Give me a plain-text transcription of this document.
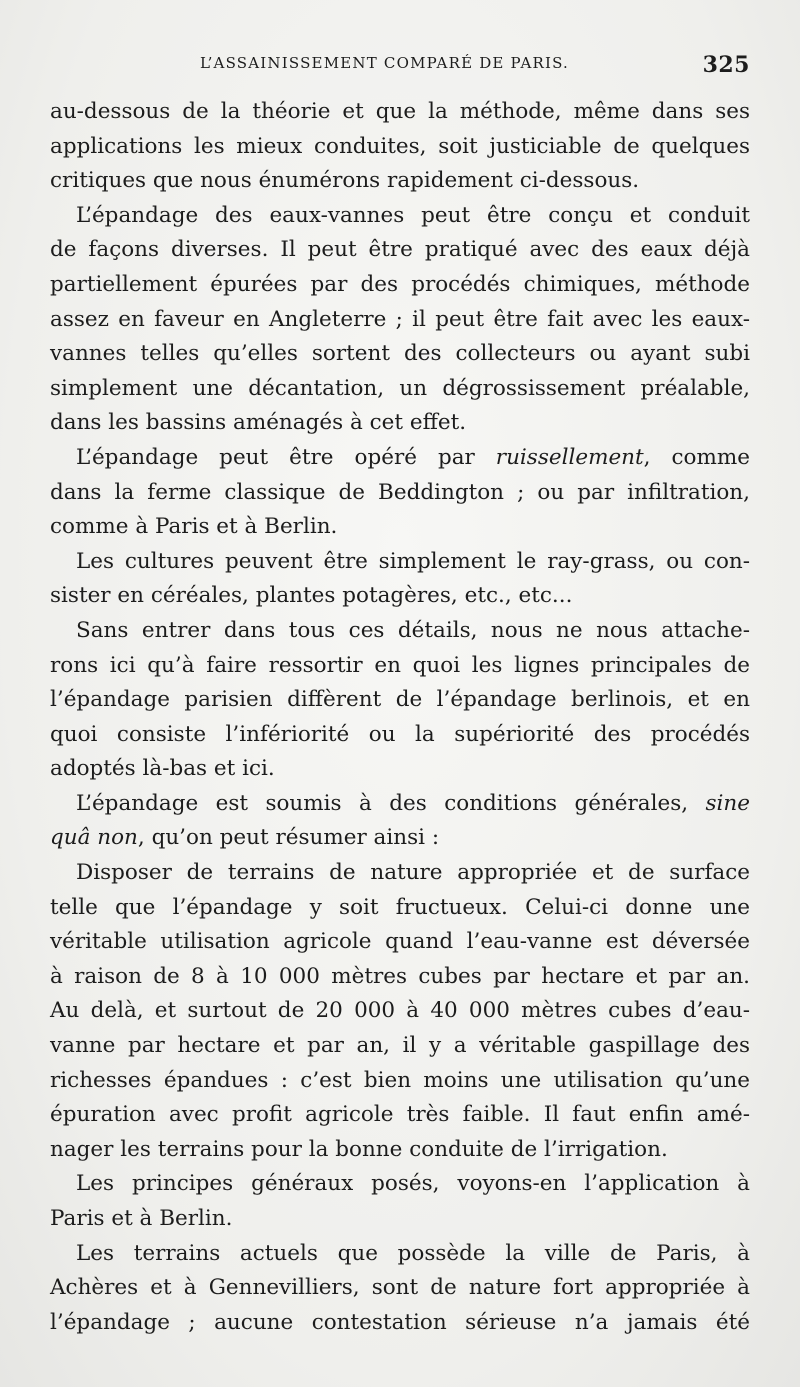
L’ASSAINISSEMENT COMPARÉ DE PARIS.	325
au-dessous de la théorie et que la méthode, même dans ses
applications les mieux conduites, soit justiciable de quelques
critiques que nous énumérons rapidement ci-dessous.
L’épandage des eaux-vannes peut être conçu et conduit
de façons diverses. Il peut être pratiqué avec des eaux déjà
partiellement épurées par des procédés chimiques, méthode
assez en faveur en Angleterre ; il peut être fait avec les eaux-
vannes telles qu’elles sortent des collecteurs ou ayant subi
simplement une décantation, un dégrossissement préalable,
dans les bassins aménagés à cet effet.
L’épandage peut être opéré par ruissellement, comme
dans la ferme classique de Beddington ; ou par infiltration,
comme à Paris et à Berlin.
Les cultures peuvent être simplement le ray-grass, ou con-
sister en céréales, plantes potagères, etc., etc...
Sans entrer dans tous ces détails, nous ne nous attache-
rons ici qu’à faire ressortir en quoi les lignes principales de
l’épandage parisien diffèrent de l’épandage berlinois, et en
quoi consiste l’infériorité ou la supériorité des procédés
adoptés là-bas et ici.
L’épandage est soumis à des conditions générales, sine
quâ non, qu’on peut résumer ainsi :
Disposer de terrains de nature appropriée et de surface
telle que l’épandage y soit fructueux. Celui-ci donne une
véritable utilisation agricole quand l’eau-vanne est déversée
à raison de 8 à 10 000 mètres cubes par hectare et par an.
Au delà, et surtout de 20 000 à 40 000 mètres cubes d’eau-
vanne par hectare et par an, il y a véritable gaspillage des
richesses épandues : c’est bien moins une utilisation qu’une
épuration avec profit agricole très faible. Il faut enfin amé-
nager les terrains pour la bonne conduite de l’irrigation.
Les principes généraux posés, voyons-en l’application à
Paris et à Berlin.
Les terrains actuels que possède la ville de Paris, à
Achères et à Gennevilliers, sont de nature fort appropriée à
l’épandage ; aucune contestation sérieuse n’a jamais été
